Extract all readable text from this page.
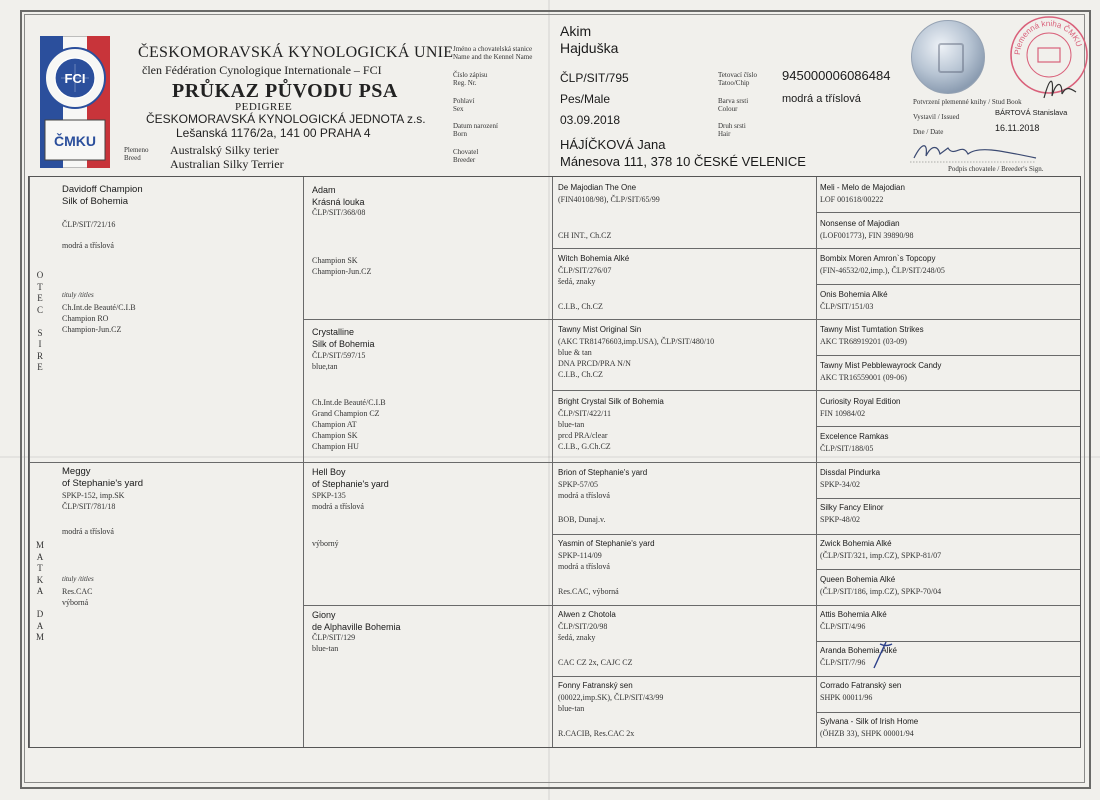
FCI
ČMKU
ČESKOMORAVSKÁ KYNOLOGICKÁ UNIE
člen Fédération Cynologique Internationale – FCI
PRŮKAZ PŮVODU PSA
PEDIGREE
ČESKOMORAVSKÁ KYNOLOGICKÁ JEDNOTA z.s.
Lešanská 1176/2a, 141 00 PRAHA 4
Plemeno
Breed
Australský Silky terier
Australian Silky Terrier
Jméno a chovatelská stanice
Name and the Kennel Name
Číslo zápisu
Reg. Nr.
Pohlaví
Sex
Datum narození
Born
Chovatel
Breeder
Akim
Hajduška
ČLP/SIT/795
Pes/Male
03.09.2018
HÁJÍČKOVÁ Jana
Mánesova 111, 378 10 ČESKÉ VELENICE
Tetovací číslo
Tatoo/Chip
Barva srsti
Colour
Druh srsti
Hair
945000006086484
modrá a tříslová
Plemenná kniha ČMKU
Potvrzení plemenné knihy / Stud Book
Vystavil / Issued	BÁRTOVÁ Stanislava
Dne / Date	16.11.2018
Podpis chovatele / Breeder's Sign.
O
T
E
C

S
I
R
E
M
A
T
K
A

D
A
M
Davidoff Champion
Silk of Bohemia
ČLP/SIT/721/16
modrá a tříslová
tituly /titles
Ch.Int.de Beauté/C.I.B
Champion RO
Champion-Jun.CZ
Meggy
of Stephanie's yard
SPKP-152, imp.SK
ČLP/SIT/781/18
modrá a tříslová
tituly /titles
Res.CAC
výborná
Adam
Krásná louka
ČLP/SIT/368/08
Champion SK
Champion-Jun.CZ
Crystalline
Silk of Bohemia
ČLP/SIT/597/15
blue,tan
Ch.Int.de Beauté/C.I.B
Grand Champion CZ
Champion AT
Champion SK
Champion HU
Hell Boy
of Stephanie's yard
SPKP-135
modrá a tříslová
výborný
Giony
de Alphaville Bohemia
ČLP/SIT/129
blue-tan
De Majodian The One
(FIN40108/98), ČLP/SIT/65/99
CH INT., Ch.CZ
Witch Bohemia Alké
ČLP/SIT/276/07
šedá, znaky
C.I.B., Ch.CZ
Tawny Mist Original Sin
(AKC TR81476603,imp.USA), ČLP/SIT/480/10
blue & tan
DNA PRCD/PRA N/N
C.I.B., Ch.CZ
Bright Crystal Silk of Bohemia
ČLP/SIT/422/11
blue-tan
prcd PRA/clear
C.I.B., G.Ch.CZ
Brion of Stephanie's yard
SPKP-57/05
modrá a tříslová
BOB, Dunaj.v.
Yasmin of Stephanie's yard
SPKP-114/09
modrá a tříslová
Res.CAC, výborná
Alwen z Chotola
ČLP/SIT/20/98
šedá, znaky
CAC CZ 2x, CAJC CZ
Fonny Fatranský sen
(00022,imp.SK), ČLP/SIT/43/99
blue-tan
R.CACIB, Res.CAC 2x
Meli - Melo de Majodian
LOF 001618/00222
Nonsense of Majodian
(LOF001773), FIN 39890/98
Bombix Moren Amron`s Topcopy
(FIN-46532/02,imp.), ČLP/SIT/248/05
Onis Bohemia Alké
ČLP/SIT/151/03
Tawny Mist Tumtation Strikes
AKC TR68919201 (03-09)
Tawny Mist Pebblewayrock Candy
AKC TR16559001 (09-06)
Curiosity Royal Edition
FIN 10984/02
Excelence Ramkas
ČLP/SIT/188/05
Dissdal Pindurka
SPKP-34/02
Silky Fancy Elinor
SPKP-48/02
Zwick Bohemia Alké
(ČLP/SIT/321, imp.CZ), SPKP-81/07
Queen Bohemia Alké
(ČLP/SIT/186, imp.CZ), SPKP-70/04
Attis Bohemia Alké
ČLP/SIT/4/96
Aranda Bohemia Alké
ČLP/SIT/7/96
Corrado Fatranský sen
SHPK 00011/96
Sylvana - Silk of Irish Home
(ÖHZB 33), SHPK 00001/94
